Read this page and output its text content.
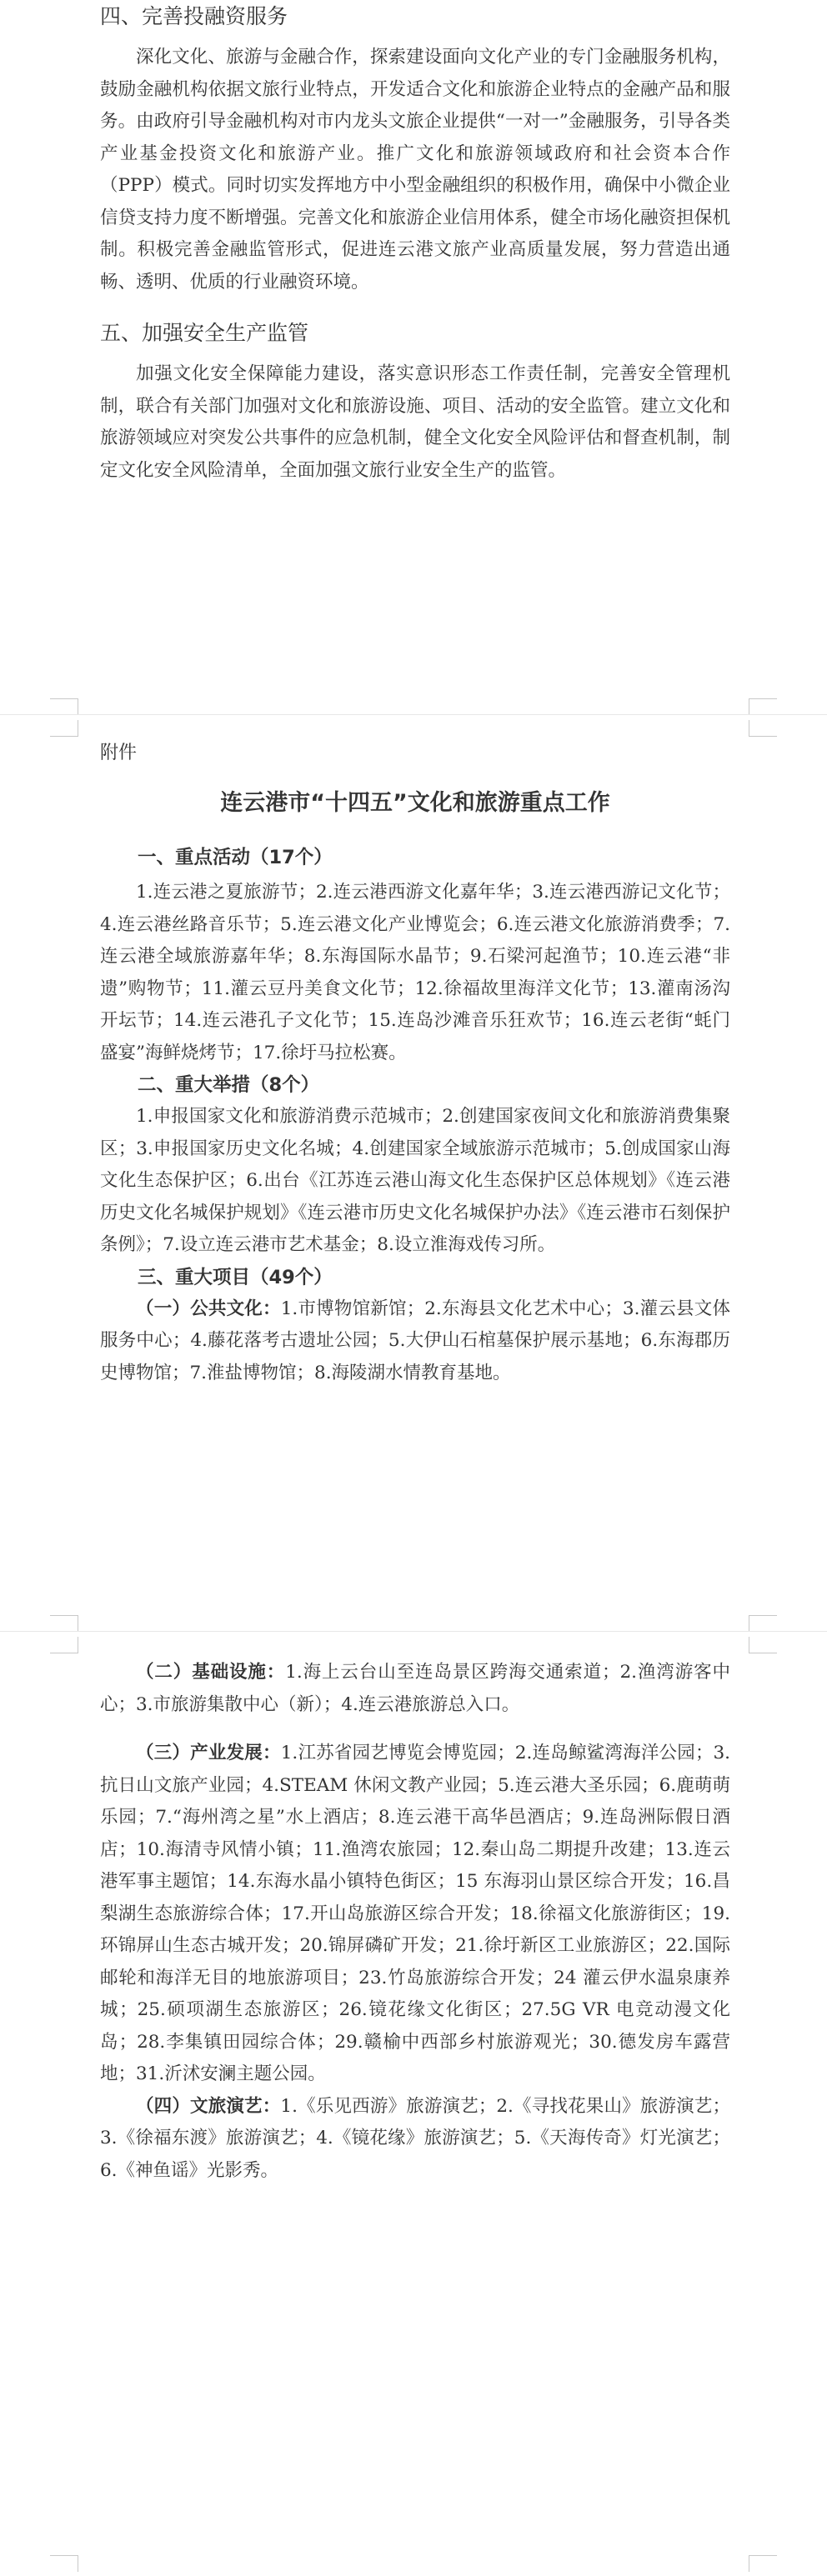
四、完善投融资服务

深化文化、旅游与金融合作，探索建设面向文化产业的专门金融服务机构，鼓励金融机构依据文旅行业特点，开发适合文化和旅游企业特点的金融产品和服务。由政府引导金融机构对市内龙头文旅企业提供“一对一”金融服务，引导各类产业基金投资文化和旅游产业。推广文化和旅游领域政府和社会资本合作（PPP）模式。同时切实发挥地方中小型金融组织的积极作用，确保中小微企业信贷支持力度不断增强。完善文化和旅游企业信用体系，健全市场化融资担保机制。积极完善金融监管形式，促进连云港文旅产业高质量发展，努力营造出通畅、透明、优质的行业融资环境。

五、加强安全生产监管

加强文化安全保障能力建设，落实意识形态工作责任制，完善安全管理机制，联合有关部门加强对文化和旅游设施、项目、活动的安全监管。建立文化和旅游领域应对突发公共事件的应急机制，健全文化安全风险评估和督查机制，制定文化安全风险清单，全面加强文旅行业安全生产的监管。

附件
连云港市“十四五”文化和旅游重点工作
一、重点活动（17个）

1.连云港之夏旅游节；2.连云港西游文化嘉年华；3.连云港西游记文化节；4.连云港丝路音乐节；5.连云港文化产业博览会；6.连云港文化旅游消费季；7.连云港全域旅游嘉年华；8.东海国际水晶节；9.石梁河起渔节；10.连云港“非遗”购物节；11.灌云豆丹美食文化节；12.徐福故里海洋文化节；13.灌南汤沟开坛节；14.连云港孔子文化节；15.连岛沙滩音乐狂欢节；16.连云老街“蚝门盛宴”海鲜烧烤节；17.徐圩马拉松赛。

二、重大举措（8个）

1.申报国家文化和旅游消费示范城市；2.创建国家夜间文化和旅游消费集聚区；3.申报国家历史文化名城；4.创建国家全域旅游示范城市；5.创成国家山海文化生态保护区；6.出台《江苏连云港山海文化生态保护区总体规划》《连云港历史文化名城保护规划》《连云港市历史文化名城保护办法》《连云港市石刻保护条例》；7.设立连云港市艺术基金；8.设立淮海戏传习所。

三、重大项目（49个）

（一）公共文化：1.市博物馆新馆；2.东海县文化艺术中心；3.灌云县文体服务中心；4.藤花落考古遗址公园；5.大伊山石棺墓保护展示基地；6.东海郡历史博物馆；7.淮盐博物馆；8.海陵湖水情教育基地。

（二）基础设施：1.海上云台山至连岛景区跨海交通索道；2.渔湾游客中心；3.市旅游集散中心（新）；4.连云港旅游总入口。

（三）产业发展：1.江苏省园艺博览会博览园；2.连岛鲸鲨湾海洋公园；3.抗日山文旅产业园；4.STEAM 休闲文教产业园；5.连云港大圣乐园；6.鹿萌萌乐园；7.“海州湾之星”水上酒店；8.连云港干高华邑酒店；9.连岛洲际假日酒店；10.海清寺风情小镇；11.渔湾农旅园；12.秦山岛二期提升改建；13.连云港军事主题馆；14.东海水晶小镇特色街区；15 东海羽山景区综合开发；16.昌梨湖生态旅游综合体；17.开山岛旅游区综合开发；18.徐福文化旅游街区；19.环锦屏山生态古城开发；20.锦屏磷矿开发；21.徐圩新区工业旅游区；22.国际邮轮和海洋无目的地旅游项目；23.竹岛旅游综合开发；24 灌云伊水温泉康养城；25.硕项湖生态旅游区；26.镜花缘文化街区；27.5G VR 电竞动漫文化岛；28.李集镇田园综合体；29.赣榆中西部乡村旅游观光；30.德发房车露营地；31.沂沭安澜主题公园。

（四）文旅演艺：1.《乐见西游》旅游演艺；2.《寻找花果山》旅游演艺；3.《徐福东渡》旅游演艺；4.《镜花缘》旅游演艺；5.《天海传奇》灯光演艺；6.《神鱼谣》光影秀。
